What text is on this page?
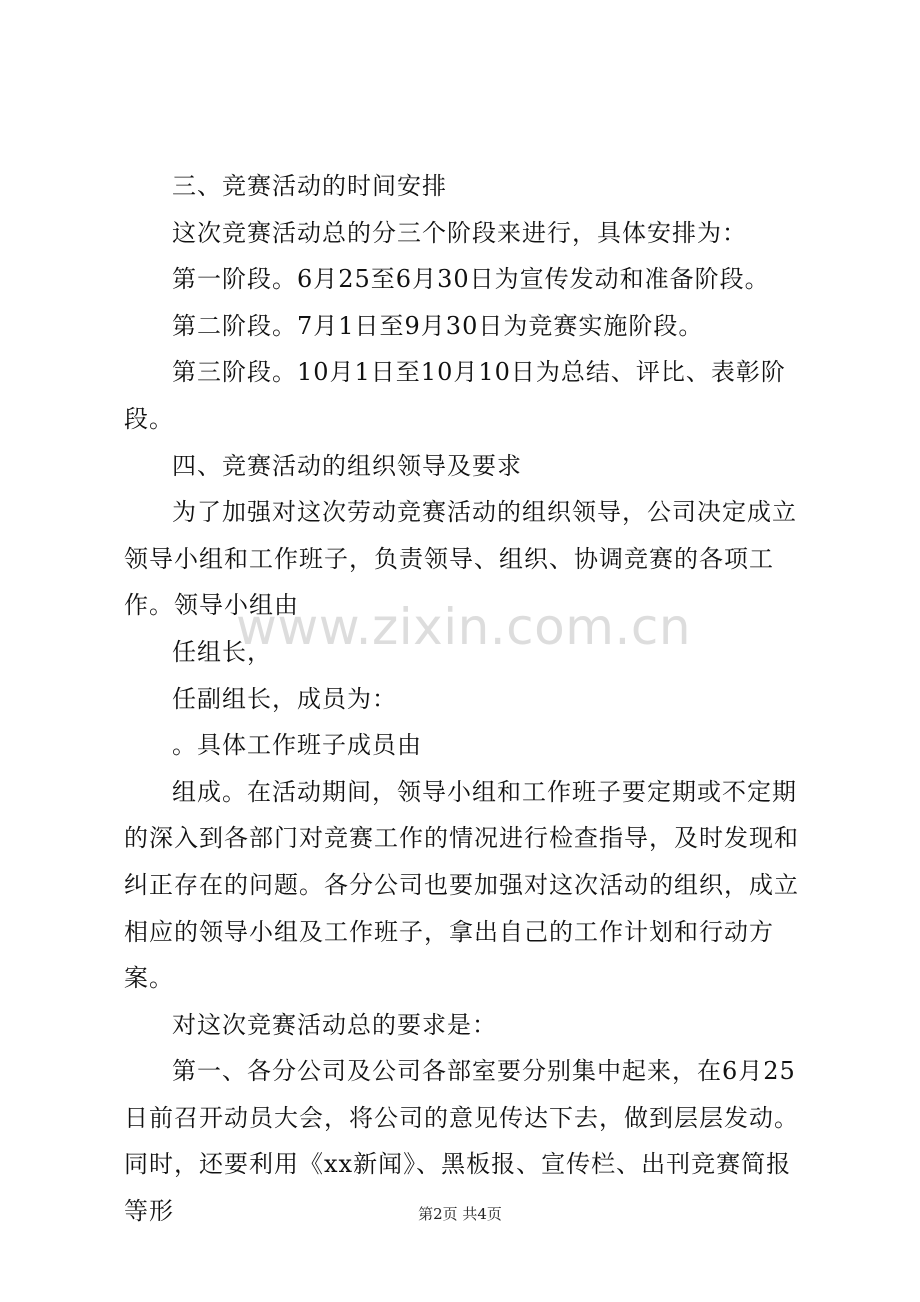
三、竞赛活动的时间安排

这次竞赛活动总的分三个阶段来进行，具体安排为：

第一阶段。6月25至6月30日为宣传发动和准备阶段。

第二阶段。7月1日至9月30日为竞赛实施阶段。

第三阶段。10月1日至10月10日为总结、评比、表彰阶段。

四、竞赛活动的组织领导及要求

为了加强对这次劳动竞赛活动的组织领导，公司决定成立领导小组和工作班子，负责领导、组织、协调竞赛的各项工作。领导小组由

任组长，

任副组长，成员为：

。具体工作班子成员由

组成。在活动期间，领导小组和工作班子要定期或不定期的深入到各部门对竞赛工作的情况进行检查指导，及时发现和纠正存在的问题。各分公司也要加强对这次活动的组织，成立相应的领导小组及工作班子，拿出自己的工作计划和行动方案。

对这次竞赛活动总的要求是：

第一、各分公司及公司各部室要分别集中起来，在6月25日前召开动员大会，将公司的意见传达下去，做到层层发动。同时，还要利用《xx新闻》、黑板报、宣传栏、出刊竞赛简报等形

www.zixin.com.cn
第2页 共4页
